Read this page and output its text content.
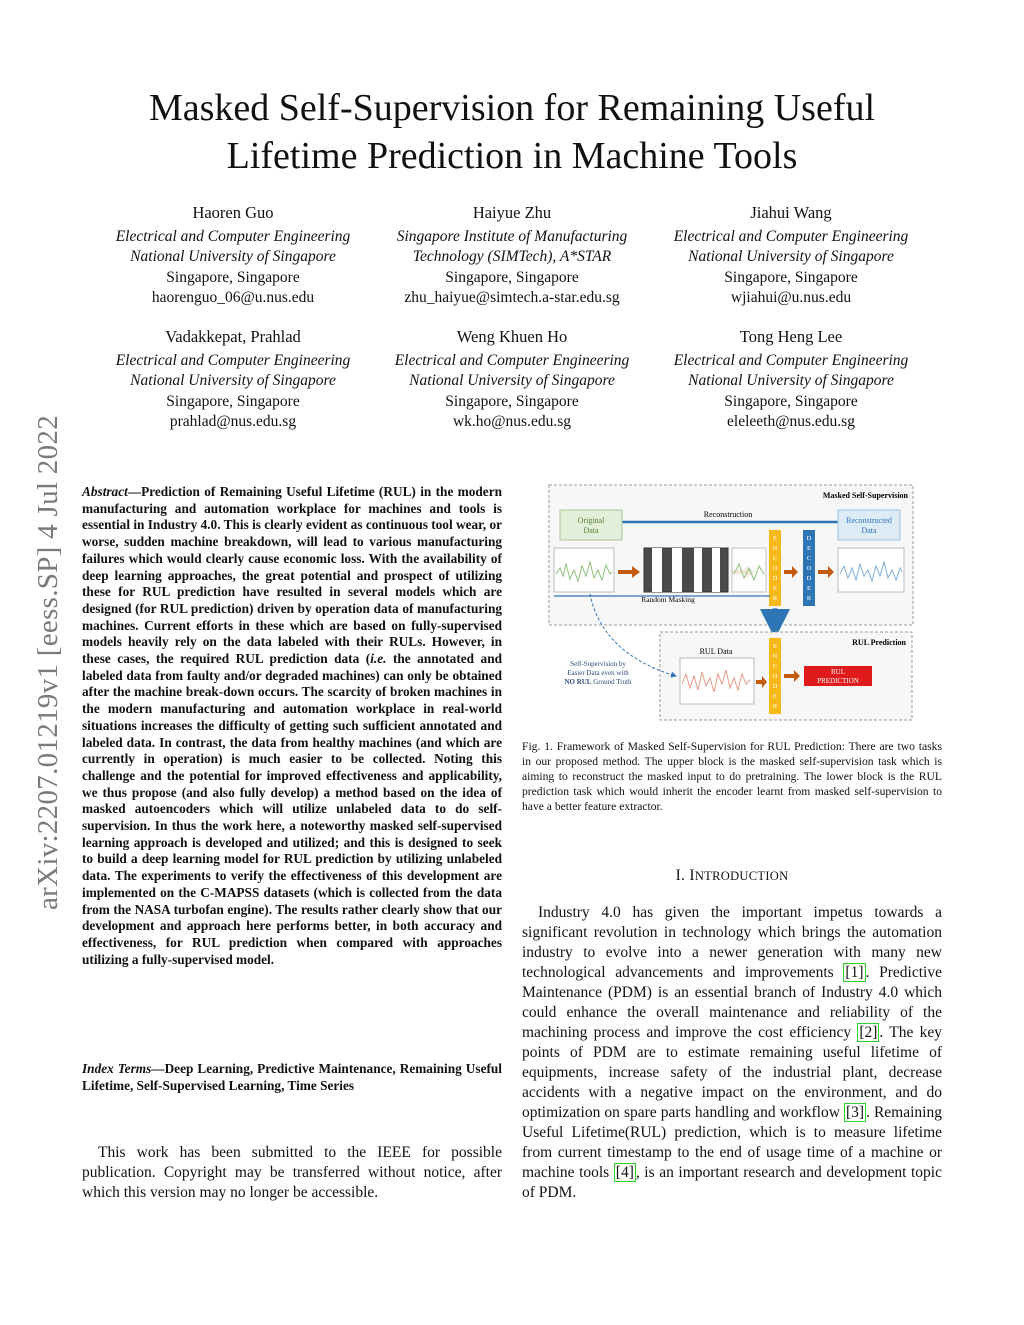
arXiv:2207.01219v1 [eess.SP] 4 Jul 2022
Masked Self-Supervision for Remaining Useful
Lifetime Prediction in Machine Tools
Haoren Guo
Electrical and Computer Engineering
National University of Singapore
Singapore, Singapore
haorenguo_06@u.nus.edu
Haiyue Zhu
Singapore Institute of Manufacturing
Technology (SIMTech), A*STAR
Singapore, Singapore
zhu_haiyue@simtech.a-star.edu.sg
Jiahui Wang
Electrical and Computer Engineering
National University of Singapore
Singapore, Singapore
wjiahui@u.nus.edu
Vadakkepat, Prahlad
Electrical and Computer Engineering
National University of Singapore
Singapore, Singapore
prahlad@nus.edu.sg
Weng Khuen Ho
Electrical and Computer Engineering
National University of Singapore
Singapore, Singapore
wk.ho@nus.edu.sg
Tong Heng Lee
Electrical and Computer Engineering
National University of Singapore
Singapore, Singapore
eleleeth@nus.edu.sg

Abstract—Prediction of Remaining Useful Lifetime (RUL) in the modern manufacturing and automation workplace for machines and tools is essential in Industry 4.0. This is clearly evident as continuous tool wear, or worse, sudden machine breakdown, will lead to various manufacturing failures which would clearly cause economic loss. With the availability of deep learning approaches, the great potential and prospect of utilizing these for RUL prediction have resulted in several models which are designed (for RUL prediction) driven by operation data of manufacturing machines. Current efforts in these which are based on fully-supervised models heavily rely on the data labeled with their RULs. However, in these cases, the required RUL prediction data (i.e. the annotated and labeled data from faulty and/or degraded machines) can only be obtained after the machine break-down occurs. The scarcity of broken machines in the modern manufacturing and automation workplace in real-world situations increases the difficulty of getting such sufficient annotated and labeled data. In contrast, the data from healthy machines (and which are currently in operation) is much easier to be collected. Noting this challenge and the potential for improved effectiveness and applicability, we thus propose (and also fully develop) a method based on the idea of masked autoencoders which will utilize unlabeled data to do self-supervision. In thus the work here, a noteworthy masked self-supervised learning approach is developed and utilized; and this is designed to seek to build a deep learning model for RUL prediction by utilizing unlabeled data. The experiments to verify the effectiveness of this development are implemented on the C-MAPSS datasets (which is collected from the data from the NASA turbofan engine). The results rather clearly show that our development and approach here performs better, in both accuracy and effectiveness, for RUL prediction when compared with approaches utilizing a fully-supervised model.

Index Terms—Deep Learning, Predictive Maintenance, Remaining Useful Lifetime, Self-Supervised Learning, Time Series

This work has been submitted to the IEEE for possible publication. Copyright may be transferred without notice, after which this version may no longer be accessible.

Masked Self-Supervision
Reconstruction
Original
Data
Reconstructed
Data
E
N
C
O
D
E
R
D
E
C
O
D
E
R
Random Masking
RUL Prediction
RUL Data
E
N
C
O
D
E
R
RUL
PREDICTION
Self-Supervision by
Easier Data even with
NO RUL Ground Truth

Fig. 1. Framework of Masked Self-Supervision for RUL Prediction: There are two tasks in our proposed method. The upper block is the masked self-supervision task which is aiming to reconstruct the masked input to do pretraining. The lower block is the RUL prediction task which would inherit the encoder learnt from masked self-supervision to have a better feature extractor.

I. INTRODUCTION

Industry 4.0 has given the important impetus towards a significant revolution in technology which brings the automation industry to evolve into a newer generation with many new technological advancements and improvements [1] . Predictive Maintenance (PDM) is an essential branch of Industry 4.0 which could enhance the overall maintenance and reliability of the machining process and improve the cost efficiency [2] . The key points of PDM are to estimate remaining useful lifetime of equipments, increase safety of the industrial plant, decrease accidents with a negative impact on the environment, and do optimization on spare parts handling and workflow [3] . Remaining Useful Lifetime(RUL) prediction, which is to measure lifetime from current timestamp to the end of usage time of a machine or machine tools [4] , is an important research and development topic of PDM.
